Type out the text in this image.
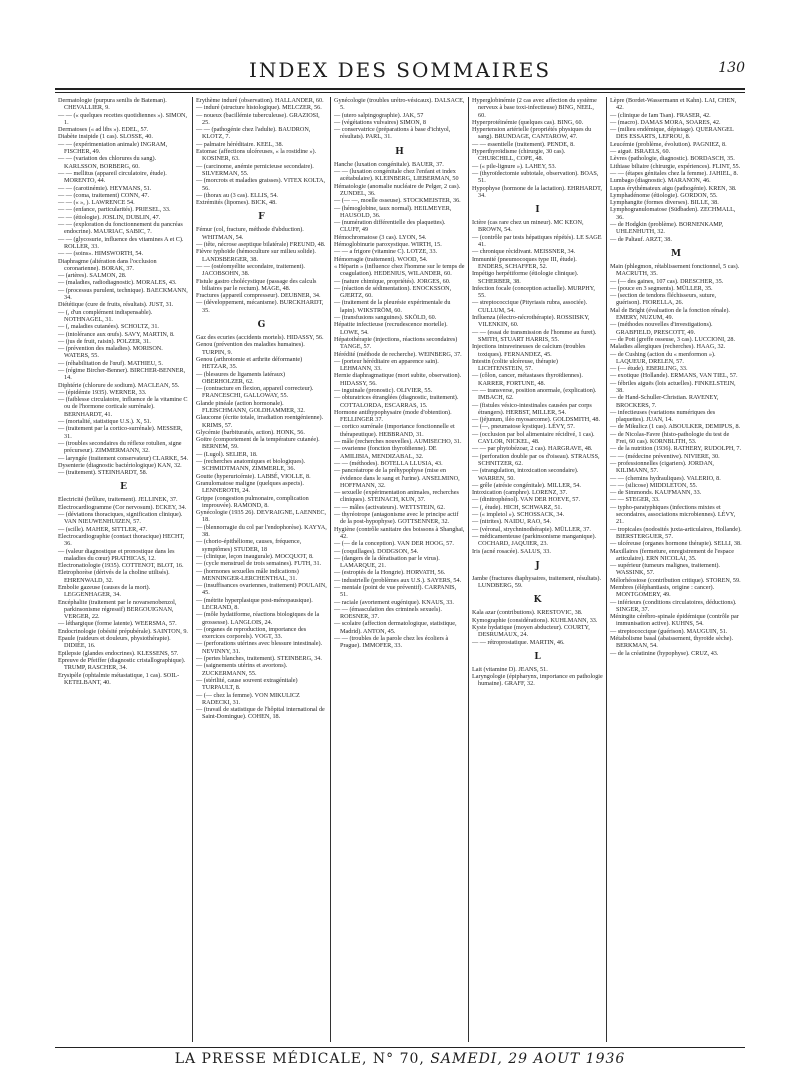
INDEX DES SOMMAIRES	130

Dermatologie (purpura senilis de Bateman). CHEVALLIER, 9.

— — (« quelques recettes quotidiennes »). SIMON, 1.

Dermatoses (« ad libs »). EDEL, 57.

Diabète insipide (1 cas). SLOSSE, 40.

— — (expérimentation animale) INGRAM, FISCHER, 49.

— — (variation des chlorures du sang). KARLSSON, BORBERG, 60.

— — mellitus (appareil circulatoire, étude). MORENTO, 44.

— — (carotinémie). HEYMANS, 51.

— — (coma, traitement) CONN, 47.

— — (« », ). LAWRENCE 54.

— — (enfance, particularités). PRIESEL, 33.

— — (étiologie). JOSLIN, DUBLIN, 47.

— — (exploration du fonctionnement du pancréas endocrine). MAURIAC, SABIC, 7.

— — (glycosurie, influence des vitamines A et C). ROLLER, 33.

— — (soins». HIMSWORTH, 54.

Diaphragme (altération dans l'occlusion coronarienne). BORAK, 37.

— (artères). SALMON, 28.

— (maladies, radiodiagnostic). MORALES, 43.

— (processus purulent, technique). BAECKMANN, 34.

Diététique (cure de fruits, résultats). JUST, 31.

— (, d'un complément indispensable). NOTHNAGEL, 31.

— (, maladies cutanées). SCHOLTZ, 31.

— (intolérance aux œufs). SAVY, MARTIN, 8.

— (jus de fruit, raisin). POLZER, 31.

— (prévention des maladies). MORISON. WATERS, 55.

— (réhabilitation de l'œuf). MATHIEU, 5.

— (régime Bircher-Benner). BIRCHER-BENNER, 14.

Diphtérie (chlorure de sodium). MACLEAN, 55.

— (épidémie 1935). WERNER, 33.

— (faiblesse circulatoire, influence de la vitamine C ou de l'hormone corticale surrénale). BERNHARDT, 41.

— (mortalité, statistique U.S.). X, 51.

— (traitement par la cortico-surrénale). MESSER, 31.

— (troubles secondaires du réflexe rotulien, signe précurseur). ZIMMERMANN, 32.

— laryngée (traitement conservateur) CLARKE, 54.

Dysenterie (diagnostic bactériologique) KAN, 32.

— (traitement). STEINHARDT, 58.

E

Electricité (brûlure, traitement). JELLINEK, 37.

Electrocardiogramme (Cor nervosum). ECKEY, 34.

— (déviations thoraciques, signification clinique). VAN NIEUWENHUIZEN, 57.

— (scille). MAHER, SITTLER, 47.

Electrocardiographie (contact thoracique) HECHT, 36.

— (valeur diagnostique et pronostique dans les maladies du cœur) PRATHICAS, 12.

Electronatiologie (1935). COTTENOT, BLOT, 16.

Eletrophorèse (dérivés de la choline utilisés). EHRENWALD, 32.

Embolie gazeuse (causes de la mort). LEGGENHAGER, 34.

Encéphalite (traitement par le novarsenobenzol, parkinsonisme régressif) BERGOUIGNAN, VERGER, 22.

— léthargique (forme latente). WEERSMA, 57.

Endocrinologie (obésité prépubérale). SAINTON, 9.

Epaule (raideurs et douleurs, physiothérapie). DIDIÉE, 16.

Epilepsie (glandes endocrines). KLESSENS, 57.

Epreuve de Pfeiffer (diagnostic cristallographique). TRUMP, RASCHER, 34.

Erysipèle (ophtalmie métastatique, 1 cas). SOIL-KETELBANT, 40.

Erythème induré (observation). HALLANDER, 60.

— induré (structure histologique). MELCZER, 56.

— noueux (bacillémie tuberculeuse). GRAZIOSI, 25.

— — (pathogénie chez l'adulte). BAUDRON, KLOTZ, 7.

— palmaire héréditaire. KEEL, 38.

Estomac (affections ulcéreuses, « la rostidine »). KOSINER, 63.

— (carcinome, anémie pernicieuse secondaire). SILVERMAN, 55.

— (morcrots et maladies graisses). VITEX KOLTA, 56.

— (thorax au (3 cas). ELLIS, 54.

Extrémités (lipomes). BICK, 48.

F

Fémur (col, fracture, méthode d'abduction). WHITMAN, 54.

— (tête, nécrose aseptique bilatérale) FREUND, 48.

Fièvre typhoïde (hémoculture sur milieu solide). LANDSBERGER, 38.

— — (ostéomyélite secondaire, traitement). JACOBSOHN, 38.

Fistule gastro cholécystique (passage des calculs biliaires par le rectum). MAGE, 48.

Fractures (appareil compresseur). DEUBNER, 34.

— (développement, mécanisme). BURCKHARDT, 35.

G

Gaz des ecuries (accidents mortels). HIDASSY, 56.

Genou (prévention des maladies humaines). TURPIN, 9.

Genou (arthrotomie et arthrite déformante) HETZAR, 35.

— (blessures de ligaments latéraux) OBERHOLZER, 62.

— (contracture en flexion, appareil correcteur). FRANCESCHI, GALLOWAY, 55.

Glande pinéale (action hormonale). FLEISCHMANN, GOLDHAMMER, 32.

Glaucome (écrite totale, irradiation roentgénienne). KRIMS, 57.

Glycémie (barbituratés, action). HONK, 56.

Goitre (comportement de la température cutanée). BERNEM, 59.

— (Lugol). SELIER, 18.

— (recherches anatomiques et biologiques). SCHMIDTMANN, ZIMMERLE, 36.

Goutte (hyperuricémie). LABBÉ, VIOLLE, 8.

Granulomatose maligne (quelques aspects). LENNEROTH, 24.

Grippe (congestion pulmonaire, complication improuvée). RAMOND, 8.

Gynécologie (1935 26). DEVRAIGNE, LAENNEC, 18.

— (blennorragie du col par l'endophorèse). KAYYA, 38.

— (chorio-épithéliome, causes, fréquence, symptômes) STUDER, 18

— (clinique, leçon inaugurale). MOCQUOT, 8.

— (cycle menstruel de trois semaines). FUTH, 31.

— (hormones sexuelles mâle indications) MENNINGER-LERCHENTHAL, 31.

— (insuffisances ovariennes, traitement) POULAIN, 45.

— (métrite hyperplasique post-ménopausique). LECRAND, 8.

— (môle hydatiforme, réactions biologiques de la grossesse). LANGLOIS, 24.

— (organes de reproduction, importance des exercices corporels). VOGT, 33.

— (perforations utérines avec blessure intestinale). NEVINNY, 31.

— (pertes blanches, traitement). STEINBERG, 34.

— (saignements utérins et avortons). ZUCKERMANN, 55.

— (stérilité, cause souvent extragénitale) TURPAULT, 8.

— (— chez la femme). VON MIKULICZ RADECKI, 31.

— (travail de statistique de l'hôpital international de Saint-Domingue). COHEN, 18.

Gynécologie (troubles urétro-vésicaux). DALSACE, 5.

— (utero salpingographie). JAK, 57

— (végétations vulvaires) SIMON, 8

— conservatrice (préparations à base d'ichtyol, résultats). PARL, 31.

H

Hanche (luxation congénitale). BAUER, 37.

— — (luxation congénitale chez l'enfant et index acétabulaire). KLEINBERG, LIEBERMAN, 50

Hématologie (anomalie nucléaire de Pelger, 2 cas). ZUNDEL, 36.

— (— —, moelle osseuse). STOCKMEISTER, 36.

— (hémoglobine, taux normal). HEILMEYER, HAUSOLD, 36.

— (numération différentielle des plaquettes). CLUFF, 49

Hémochromatose (3 cas). LYON, 54.

Hémoglobinurie paroxystique. WIRTH, 15.

— — a frigore (vitamine C). LOTZE, 33.

Hémorragie (traitement). WOOD, 54.

« Héparin » (influence chez l'homme sur le temps de coagulation). HEDENIUS, WILANDER, 60.

— (nature chimique, propriétés). JORGES, 60.

— (réaction de sédimentation). ENOCKSSON, GJERTZ, 60.

— (traitement de la pleurésie expérimentale du lapin). WIKSTRÖM, 60.

— (transfusions sanguines). SKÖLD, 60.

Hépatite infectieuse (recrudescence mortelle). LOWE, 54.

Hépatothérapie (injections, réactions secondaires) TANGE, 57.

Hérédité (méthode de recherche). WEINBERG, 37.

— (porteur héréditaire en apparence sain). LEHMANN, 33.

Hernie diaphragmatique (mort subite, observation). HIDASSY, 56.

— inguinale (pronostic). OLIVIER, 55.

— obturatrices étranglées (diagnostic, traitement). COTTALORDA, ESCARRAS, 15.

Hormone antihypophysaire (mode d'obtention). FELLINGER 37.

— cortico surrénale (importance fonctionnelle et thérapeutique). HEBBRAND, 31.

— mâle (recherches nouvelles). AUMISECHO, 31.

— ovarienne (fonction thyroïdienne). DE AMILIBIA, MENDIZABAL, 32.

— — (méthodes). BOTELLA LLUSIA, 43.

— pancréatrope de la préhypophyse (mise en évidence dans le sang et l'urine). ANSELMINO, HOFFMANN, 32.

— sexuelle (expérimentation animales, recherches cliniques). STEINACH, KUN, 37.

— — mâles (activateurs). WETTSTEIN, 62.

— thyréotrope (antagonisme avec le principe actif de la post-hypophyse). GOTTSENNER, 32.

Hygiène (contrôle sanitaire des boissons à Shanghaï, 42.

— (— de la conception). VAN DER HOOG, 57.

— (coquillages). DODGSON, 54.

— (dangers de la dératisation par le virus). LAMARQUE, 21.

— (estropiés de la Hongrie). HORVATH, 56.

— industrielle (problèmes aux U.S.). SAYERS, 54.

— mentale (point de vue préventif). CARPANIS, 51.

— raciale (avortement eugénique). KNAUS, 33.

— — (émasculation des criminels sexuels). ROESNER, 37.

— scolaire (affection dermatologique, statistique, Madrid). ANTON, 45.

— — (troubles de la parole chez les écoliers à Prague). IMMOFER, 33.

Hyperglobinémie (2 cas avec affection du système nerveux à base toxi-infectieuse) BING, NEEL, 60.

Hyperprotéinémie (quelques cas). BING, 60.

Hypertension artérielle (propriétés physiques du sang). BRUNDAGE, CANTAROW, 47.

— — essentielle (traitement). PENDE, 8.

Hyperthyroïdisme (chirurgie, 30 cas). CHURCHILL, COPE, 48.

— (« pile-lignure »). LAHEY, 53.

— (thyroïdectomie subtotale, observation). BOAS, 51.

Hypophyse (hormone de la lactation). EHRHARDT, 34.

I

Ictère (cas rare chez un mineur). MC KEON, BROWN, 54.

— (contrôle par tests hépatiques répétés). LE SAGE 41.

— chronique rècidivant. MEISSNER, 34.

Immunité (pneumocoques type III, étude). ENDERS, SCHAFFER, 52.

Impétigo herpétiforme (étiologie clinique). SCHERBER, 38.

Infection focale (conception actuelle). MURPHY, 55.

— streptococcique (Pityriasis rubra, associée). CULLUM, 54.

Influenza (électro-nécrothérapie). ROSSIISKY, VILENKIN, 60.

— — (essai de transmission de l'homme au furet). SMITH, STUART HARRIS, 55.

Injections intraveineuses de calcium (troubles toxiques). FERNANDEZ, 45.

Intestin (colite ulcéreuse, thérapie) LICHTENSTEIN, 57.

— (côlon, cancer, métastases thyroïdiennes). KARRER, FORTUNE, 48.

— — transverse, position anormale, (explication). IMBACH, 62.

— (fistules vésico-intestinales causées par corps étrangers). HERBST, MILLER, 54.

— (jéjunum, iléo myosarcome). GOLDSMITH, 48.

— (—, pneumatose kystique). LÉVY, 57.

— (occlusion par bol alimentaire récidivé, 1 cas). CAYLOR, NICKEL, 48.

— — par phytobézoar, 2 cas). HARGRAVE, 48.

— (perforation double par os d'oiseau). STRAUSS, SCHNITZER, 62.

— (strangulation, intoxication secondaire). WARREN, 50.

— grêle (atrésie congénitale). MILLER, 54.

Intoxication (camphre). LORENZ, 37.

— (dinitrophénol). VAN DER HOEVE, 57.

— (, étude). HICH, SCHWARZ, 51.

— (« impletol »). SCHOSSACK, 34.

— (nitrites). NAIDU, RAO, 54.

— (véronal, strychninothérapie). MÜLLER, 37.

— médicamenteuse (parkinsonisme manganique). COCHARD, JAQUIER, 23.

Iris (acné rosacée). SALUS, 33.

J

Jambe (fractures diaphysaires, traitement, résultats). LUNDBERG, 59.

K

Kala azar (contributions). KRESTOVIC, 38.

Kymographie (considérations). KUHLMANN, 33.

Kyste hydatique (moyen abducteur). COURTY, DESRUMAUX, 24.

— — rétroprostatique. MARTIN, 46.

L

Lait (vitamine D). JEANS, 51.

Laryngologie (épipharynx, importance en pathologie humaine). GRAFF, 32.

Lèpre (Bordet-Wassermann et Kahn). LAI, CHEN, 42.

— (clinique de Iam Tsan). FRASER, 42.

— (macro). DAMAS MORA, SOARES, 42.

— (milieu endémique, dépistage). QUERANGEL DES ESSARTS, LEFROU, 8.

Leucémie (problème, évolution). PAGNIEZ, 8.

— aiguë. ISRAELS, 60.

Lèvres (pathologie, diagnostic). BORDASCH, 35.

Lithiase biliaire (chirurgie, expériences). FLINT, 55.

— — (étapes génitales chez la femme). JAHIEL, 8.

Lumbago (diagnostic). MARANON, 46.

Lupus érythémateux aigu (pathogénie). KREN, 38.

Lymphadénome (étiologie). GORDON, 55.

Lymphangite (formes diverses). BILLE, 38.

Lymphogranulomatose (Südbaden). ZECHMALL, 36.

— de Hodgkin (problème). BORNENKAMP, UHLENHUTH, 32.

— de Paltauf. ARZT, 38.

M

Main (phlegmon, rétablissement fonctionnel, 5 cas). MACRUTH, 35.

— (— des gaines, 107 cas). DRESCHER, 35.

— (pouce en 3 segments). MÜLLER, 35.

— (section de tendons fléchisseurs, suture, guérison). FIORELLA, 26.

Mal de Bright (évaluation de la fonction rénale). EMERY, NUZUM, 49.

— (méthodes nouvelles d'investigations). GRABFIELD, PRESCOTT, 49.

— de Pott (greffe osseuse, 3 cas). LUCCIONI, 28.

Maladies allergiques (recherches). HAAG, 32.

— de Cushing (action du « menformon »). LAQUEUR, DRELEN, 57.

— (— étude). EBERLING, 33.

— exotique (Hollande). ERMANS, VAN TIEL, 57.

— fébriles aiguës (lois actuelles). FINKELSTEIN, 38.

— de Hand-Schuller-Christian. RAVENEY, BROCKERS, 7.

— infectieuses (variations numériques des plaquettes). JUAN, 14.

— de Mikulicz (1 cas). ABOULKER, DEMIPUS, 8.

— de Nicolas-Favre (histo-pathologie du test de Frei, 60 cas). KORNBLITH, 53.

— de la nutrition (1936). RATHERY, RUDOLPH, 7.

— — (médecine préventive). NIVIERE, 30.

— professionnelles (cigariers). JORDAN, KILIMANN, 57.

— — (chemins hydrauliques). VALERIO, 8.

— — (silicose) MIDDLETON, 55.

— de Simmonds. KAUFMANN, 33.

— — STEGER, 33.

— typho-paratyphiques (infections mixtes et secondaires, associations microbiennes). LÉVY, 21.

— tropicales (nodosités juxta-articulaires, Hollande). BIERSTERGUER, 57.

— ulcéreuse (organes hormone thérapie). SELLI, 38.

Maxillaires (fermeture, enregistrement de l'espace articulaire). ERN NICOLAI, 35.

— supérieur (tumeurs malignes, traitement). WASSINK, 57.

Mélorhéostose (contribution critique). STOREN, 59.

Membres (éléphantiasis, origine : cancer). MONTGOMERY, 49.

— inférieurs (conditions circulatoires, déductions). SINGER, 37.

Méningite cérébro-spinale épidémique (contrôle par immunisation active). KUHNS, 54.

— streptococcique (guérison). MAUGUIN, 51.

Métabolisme basal (abaissement, thyroïde sèche). BERKMAN, 54.

— de la créatinine (hypophyse). CRUZ, 43.

LA PRESSE MÉDICALE, N° 70, SAMEDI, 29 AOUT 1936
